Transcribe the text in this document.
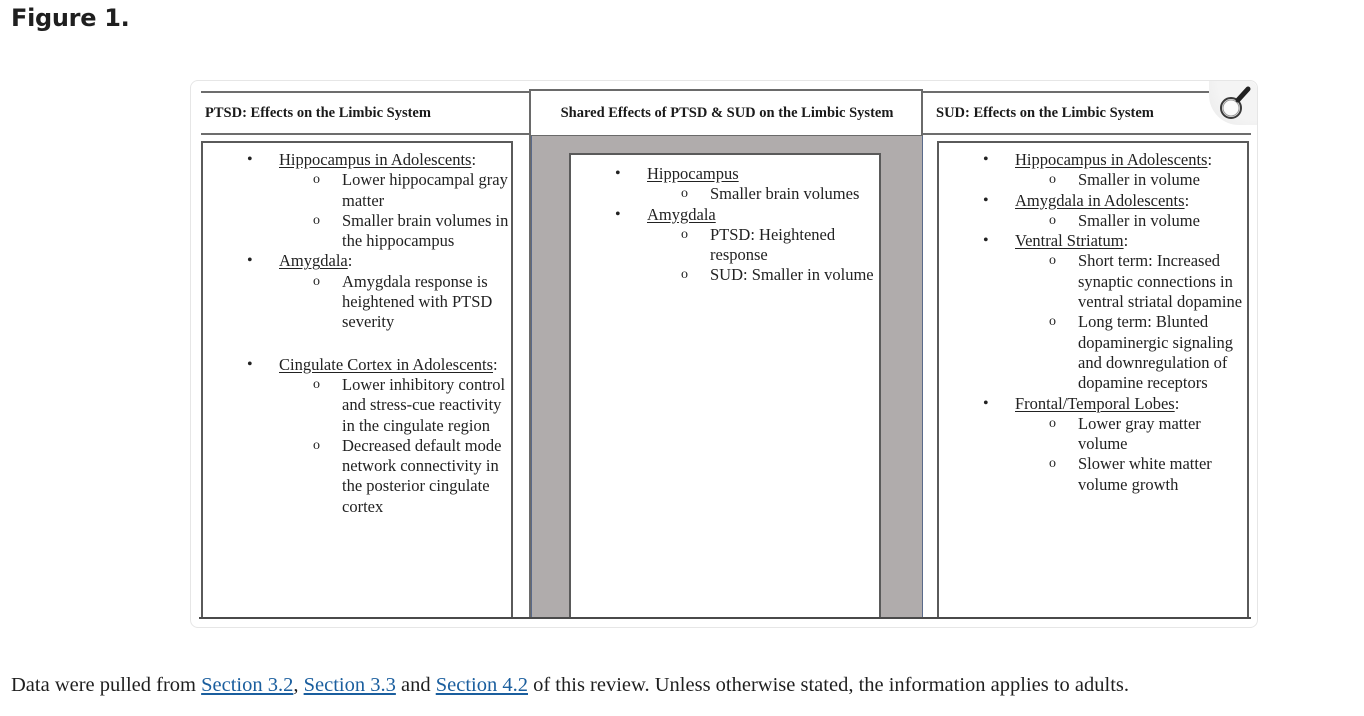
Figure 1.
PTSD: Effects on the Limbic System	Shared Effects of PTSD & SUD on the Limbic System	SUD: Effects on the Limbic System
• Hippocampus in Adolescents:
o Lower hippocampal gray matter
o Smaller brain volumes in the hippocampus
• Amygdala:
o Amygdala response is heightened with PTSD severity
• Cingulate Cortex in Adolescents:
o Lower inhibitory control and stress-cue reactivity in the cingulate region
o Decreased default mode network connectivity in the posterior cingulate cortex
• Hippocampus
o Smaller brain volumes
• Amygdala
o PTSD: Heightened response
o SUD: Smaller in volume
• Hippocampus in Adolescents:
o Smaller in volume
• Amygdala in Adolescents:
o Smaller in volume
• Ventral Striatum:
o Short term: Increased synaptic connections in ventral striatal dopamine
o Long term: Blunted dopaminergic signaling and downregulation of dopamine receptors
• Frontal/Temporal Lobes:
o Lower gray matter volume
o Slower white matter volume growth
Data were pulled from Section 3.2, Section 3.3 and Section 4.2 of this review. Unless otherwise stated, the information applies to adults.
